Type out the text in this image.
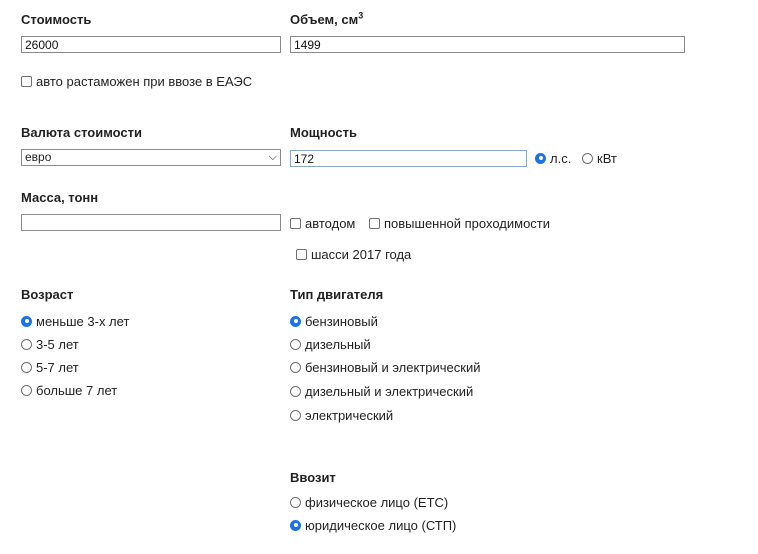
Стоимость
26000	Объем, $см^3$
1499
авто растаможен при ввозе в ЕАЭС
Валюта стоимости
евро	⌵
Мощность
172
л.с. кВт
Масса, тонн
автодом повышенной проходимости
шасси 2017 года
Возраст
меньше 3-х лет
3-5 лет
5-7 лет
больше 7 лет
Тип двигателя
бензиновый
дизельный
бензиновый и электрический
дизельный и электрический
электрический
Ввозит
физическое лицо (ЕТС)
юридическое лицо (СТП)
